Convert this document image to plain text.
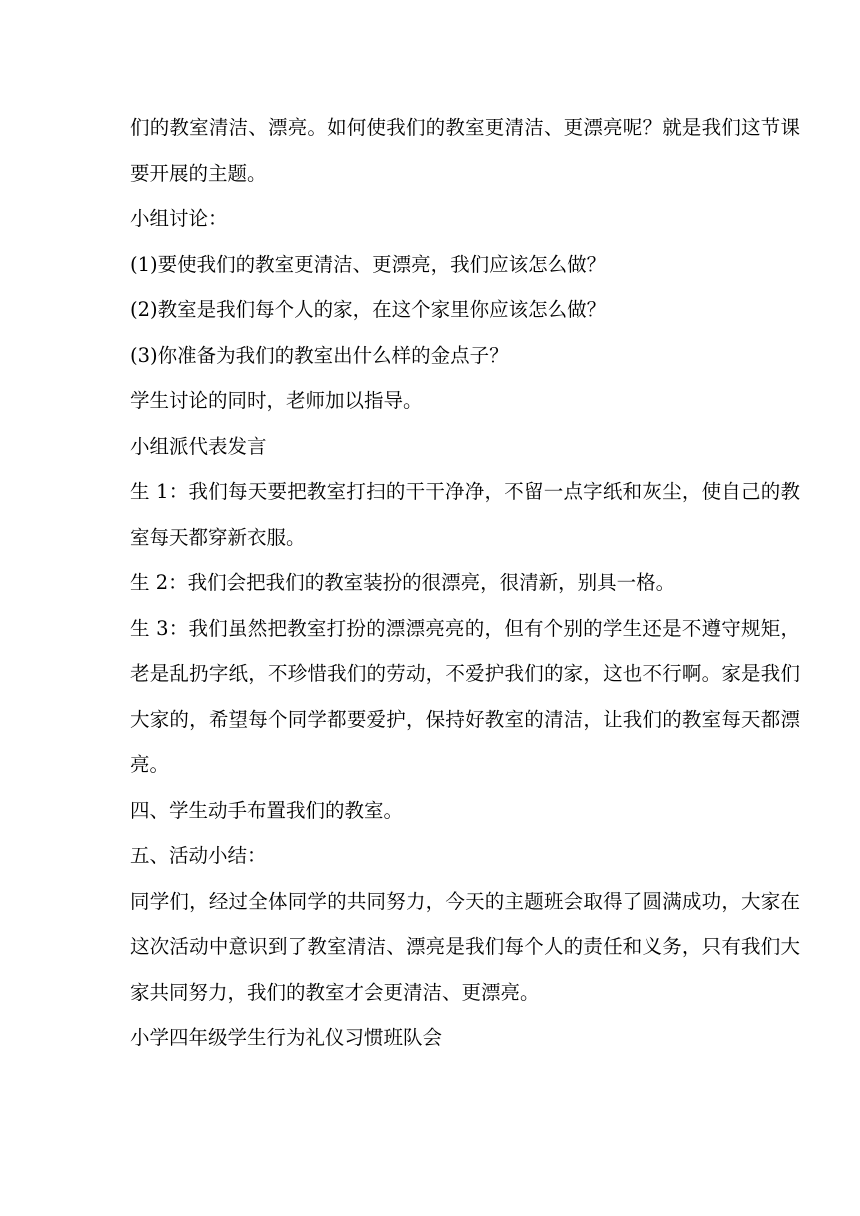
们的教室清洁、漂亮。如何使我们的教室更清洁、更漂亮呢？就是我们这节课要开展的主题。

小组讨论：

(1)要使我们的教室更清洁、更漂亮，我们应该怎么做？

(2)教室是我们每个人的家，在这个家里你应该怎么做？

(3)你准备为我们的教室出什么样的金点子？

学生讨论的同时，老师加以指导。

小组派代表发言

生 1：我们每天要把教室打扫的干干净净，不留一点字纸和灰尘，使自己的教室每天都穿新衣服。

生 2：我们会把我们的教室装扮的很漂亮，很清新，别具一格。

生 3：我们虽然把教室打扮的漂漂亮亮的，但有个别的学生还是不遵守规矩，老是乱扔字纸，不珍惜我们的劳动，不爱护我们的家，这也不行啊。家是我们大家的，希望每个同学都要爱护，保持好教室的清洁，让我们的教室每天都漂亮。

四、学生动手布置我们的教室。

五、活动小结：

同学们，经过全体同学的共同努力，今天的主题班会取得了圆满成功，大家在这次活动中意识到了教室清洁、漂亮是我们每个人的责任和义务，只有我们大家共同努力，我们的教室才会更清洁、更漂亮。

小学四年级学生行为礼仪习惯班队会
